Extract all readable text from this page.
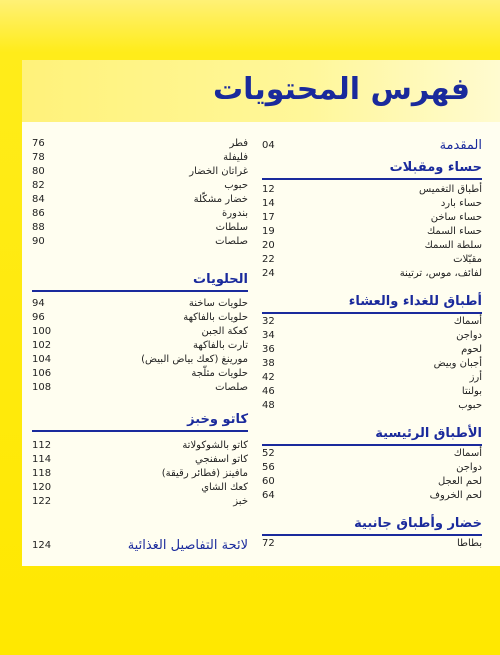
فهرس المحتويات
المقدمة
04
حساء ومقبلات
أطباق التغميس
12
حساء بارد
14
حساء ساخن
17
حساء السمك
19
سلطة السمك
20
مقبّلات
22
لفائف، موس، ترتينة
24
أطباق للغداء والعشاء
أسماك
32
دواجن
34
لحوم
36
أجبان وبيض
38
أرز
42
بولنتا
46
حبوب
48
الأطباق الرئيسية
أسماك
52
دواجن
56
لحم العجل
60
لحم الخروف
64
خضار وأطباق جانبية
بطاطا
72
فطر
76
فليفلة
78
غراتان الخضار
80
حبوب
82
خضار مشكّلة
84
بندورة
86
سلطات
88
صلصات
90
الحلويات
حلويات ساخنة
94
حلويات بالفاكهة
96
كعكة الجبن
100
تارت بالفاكهة
102
مورينغ (كعك بياض البيض)
104
حلويات مثلّجة
106
صلصات
108
كاتو وخبز
كاتو بالشوكولاتة
112
كاتو اسفنجي
114
مافينز (فطائر رقيقة)
118
كعك الشاي
120
خبز
122
لائحة التفاصيل الغذائية
124
